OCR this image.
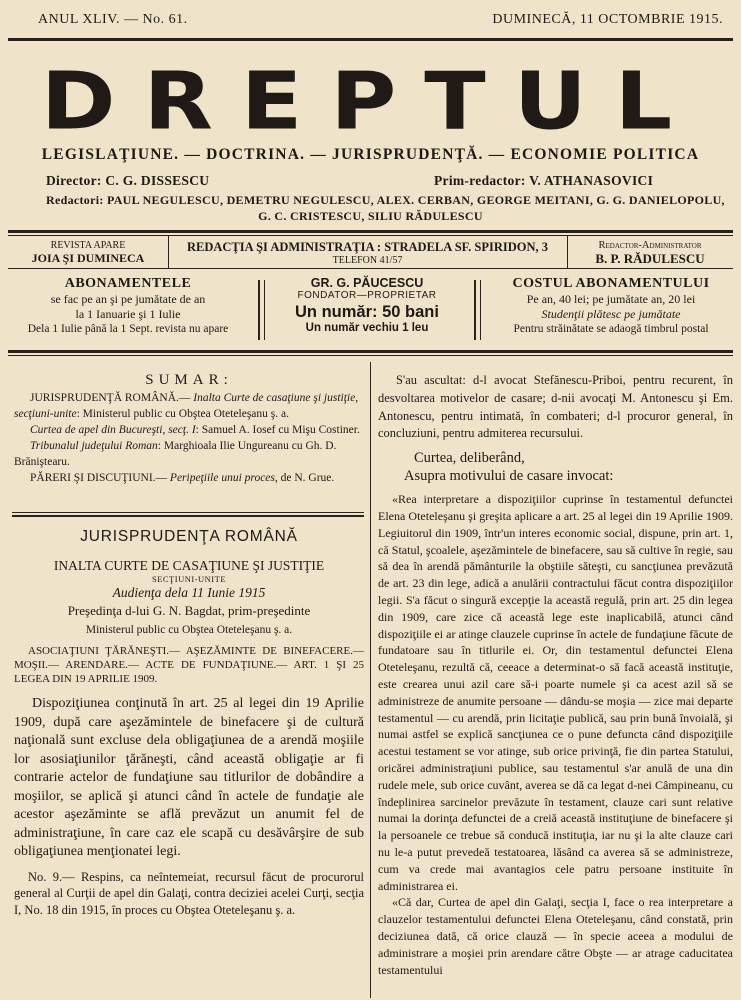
ANUL XLIV. — No. 61.	DUMINECĂ, 11 OCTOMBRIE 1915.
DREPTUL
LEGISLAŢIUNE. — DOCTRINA. — JURISPRUDENŢĂ. — ECONOMIE POLITICA
Director: C. G. DISSESCU	Prim-redactor: V. ATHANASOVICI
Redactori: PAUL NEGULESCU, DEMETRU NEGULESCU, ALEX. CERBAN, GEORGE MEITANI, G. G. DANIELOPOLU,
G. C. CRISTESCU, SILIU RĂDULESCU
REVISTA APARE
JOIA ŞI DUMINECA
REDACŢIA ŞI ADMINISTRAŢIA : STRADELA SF. SPIRIDON, 3
TELEFON 41/57
Redactor-Administrator
B. P. RĂDULESCU
ABONAMENTELE
se fac pe an şi pe jumătate de an
la 1 Ianuarie şi 1 Iulie
Dela 1 Iulie până la 1 Sept. revista nu apare
GR. G. PĂUCESCU
FONDATOR—PROPRIETAR
Un număr: 50 bani
Un număr vechiu 1 leu
COSTUL ABONAMENTULUI
Pe an, 40 lei; pe jumătate an, 20 lei
Studenţii plătesc pe jumătate
Pentru străinătate se adaogă timbrul postal
SUMAR:
JURISPRUDENŢĂ ROMÂNĂ.— Inalta Curte de casaţiune şi justiţie, secţiuni-unite: Ministerul public cu Obştea Oteteleşanu ş. a.
Curtea de apel din Bucureşti, secţ. I: Samuel A. Iosef cu Mişu Costiner.
Tribunalul judeţului Roman: Marghioala Ilie Ungureanu cu Gh. D. Brăniştearu.
PĂRERI ŞI DISCUŢIUNI.— Peripeţiile unui proces, de N. Grue.
JURISPRUDENŢA ROMÂNĂ
INALTA CURTE DE CASAŢIUNE ŞI JUSTIŢIE
SECŢIUNI-UNITE
Audienţa dela 11 Iunie 1915
Preşedinţa d-lui G. N. Bagdat, prim-preşedinte
Ministerul public cu Obştea Oteteleşanu ş. a.
ASOCIAŢIUNI ŢĂRĂNEŞTI.— AŞEZĂMINTE DE BINEFACERE.— MOŞII.— ARENDARE.— ACTE DE FUNDAŢIUNE.— ART. 1 ŞI 25 LEGEA DIN 19 APRILIE 1909.
Dispoziţiunea conţinută în art. 25 al legei din 19 Aprilie 1909, după care aşezămintele de binefacere şi de cultură naţională sunt excluse dela obligaţiunea de a arendă moşiile lor asosiaţiunilor ţărăneşti, când această obligaţie ar fi contrarie actelor de fundaţiune sau titlurilor de dobândire a moşiilor, se aplică şi atunci când în actele de fundaţie ale acestor aşezăminte se află prevăzut un anumit fel de administraţiune, în care caz ele scapă cu desăvârşire de sub obligaţiunea menţionatei legi.
No. 9.— Respins, ca neîntemeiat, recursul făcut de procurorul general al Curţii de apel din Galaţi, contra deciziei acelei Curţi, secţia I, No. 18 din 1915, în proces cu Obştea Oteteleşanu ş. a.
S'au ascultat: d-l avocat Stefănescu-Priboi, pentru recurent, în desvoltarea motivelor de casare; d-nii avocaţi M. Antonescu şi Em. Antonescu, pentru intimată, în combateri; d-l procuror general, în concluziuni, pentru admiterea recursului.
Curtea, deliberând,
Asupra motivului de casare invocat:
«Rea interpretare a dispoziţiilor cuprinse în testamentul defunctei Elena Oteteleşanu şi greşita aplicare a art. 25 al legei din 19 Aprilie 1909. Legiuitorul din 1909, într'un interes economic social, dispune, prin art. 1, că Statul, şcoalele, aşezămintele de binefacere, sau să cultive în regie, sau să dea în arendă pământurile la obştiile săteşti, cu sancţiunea prevăzută de art. 23 din lege, adică a anulării contractului făcut contra dispoziţiilor legii. S'a făcut o singură excepţie la această regulă, prin art. 25 din legea din 1909, care zice că această lege este inaplicabilă, atunci când dispoziţiile ei ar atinge clauzele cuprinse în actele de fundaţiune făcute de fundatoare sau în titlurile ei. Or, din testamentul defunctei Elena Oteteleşanu, rezultă că, ceeace a determinat-o să facă această instituţie, este crearea unui azil care să-i poarte numele şi ca acest azil să se administreze de anumite persoane — dându-se moşia — zice mai departe testamentul — cu arendă, prin licitaţie publică, sau prin bună învoială, şi numai astfel se explică sancţiunea ce o pune defuncta când dispoziţiile acestui testament se vor atinge, sub orice privinţă, fie din partea Statului, oricărei administraţiuni publice, sau testamentul s'ar anulă de una din rudele mele, sub orice cuvânt, averea se dă ca legat d-nei Câmpineanu, cu îndeplinirea sarcinelor prevăzute în testament, clauze cari sunt relative numai la dorinţa defunctei de a creiă această instituţiune de binefacere şi la persoanele ce trebue să conducă instituţia, iar nu şi la alte clauze cari nu le-a putut prevedeă testatoarea, lăsând ca averea să se administreze, cum va crede mai avantagios cele patru persoane instituite în administrarea ei.
«Că dar, Curtea de apel din Galaţi, secţia I, face o rea interpretare a clauzelor testamentului defunctei Elena Oteteleşanu, când constată, prin deciziunea dată, că orice clauză — în specie aceea a modului de administrare a moşiei prin arendare către Obşte — ar atrage caducitatea testamentului
